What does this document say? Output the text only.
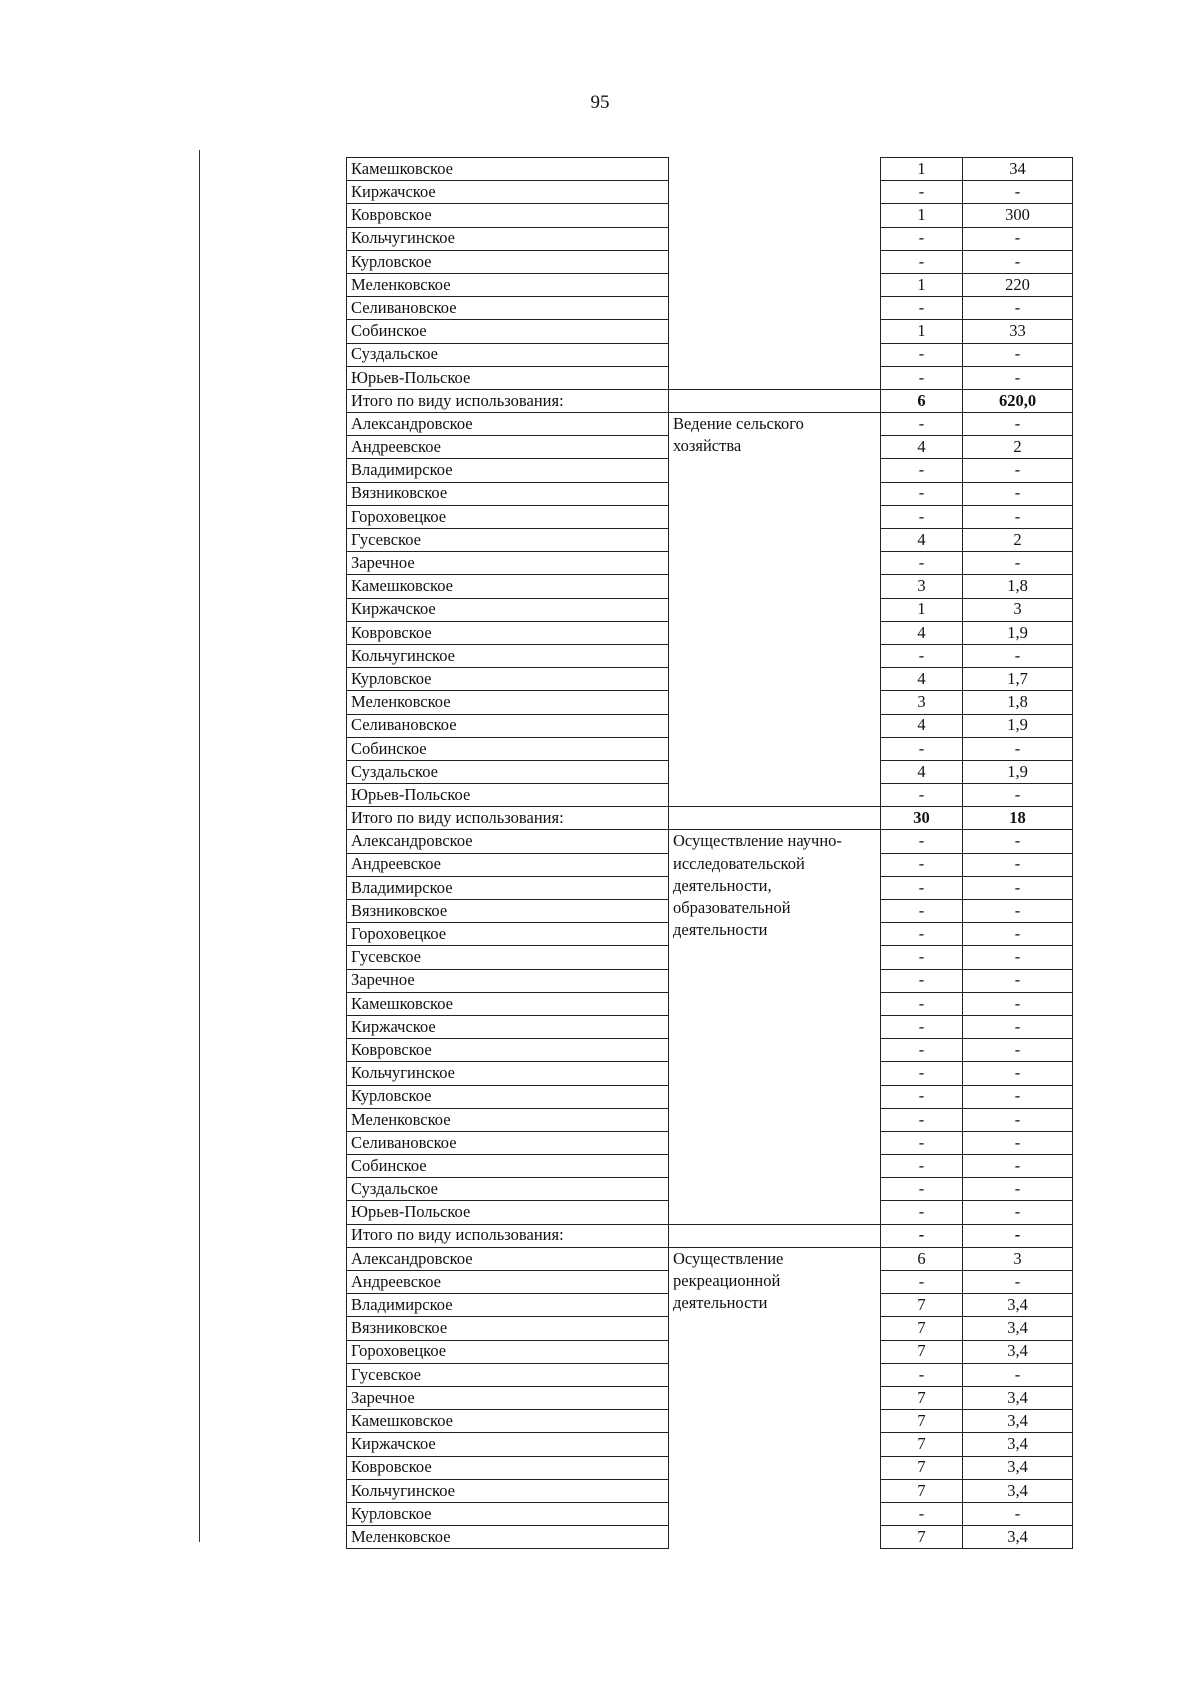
95
Камешковское		1	34
Киржачское		-	-
Ковровское		1	300
Кольчугинское		-	-
Курловское		-	-
Меленковское		1	220
Селивановское		-	-
Собинское		1	33
Суздальское		-	-
Юрьев-Польское		-	-
Итого по виду использования:		6	620,0
Александровское	Ведение сельского хозяйства	-	-
Андреевское		4	2
Владимирское		-	-
Вязниковское		-	-
Гороховецкое		-	-
Гусевское		4	2
Заречное		-	-
Камешковское		3	1,8
Киржачское		1	3
Ковровское		4	1,9
Кольчугинское		-	-
Курловское		4	1,7
Меленковское		3	1,8
Селивановское		4	1,9
Собинское		-	-
Суздальское		4	1,9
Юрьев-Польское		-	-
Итого по виду использования:		30	18
Александровское	Осуществление научно-исследовательской деятельности, образовательной деятельности	-	-
Андреевское		-	-
Владимирское		-	-
Вязниковское		-	-
Гороховецкое		-	-
Гусевское		-	-
Заречное		-	-
Камешковское		-	-
Киржачское		-	-
Ковровское		-	-
Кольчугинское		-	-
Курловское		-	-
Меленковское		-	-
Селивановское		-	-
Собинское		-	-
Суздальское		-	-
Юрьев-Польское		-	-
Итого по виду использования:		-	-
Александровское	Осуществление рекреационной деятельности	6	3
Андреевское		-	-
Владимирское		7	3,4
Вязниковское		7	3,4
Гороховецкое		7	3,4
Гусевское		-	-
Заречное		7	3,4
Камешковское		7	3,4
Киржачское		7	3,4
Ковровское		7	3,4
Кольчугинское		7	3,4
Курловское		-	-
Меленковское		7	3,4
